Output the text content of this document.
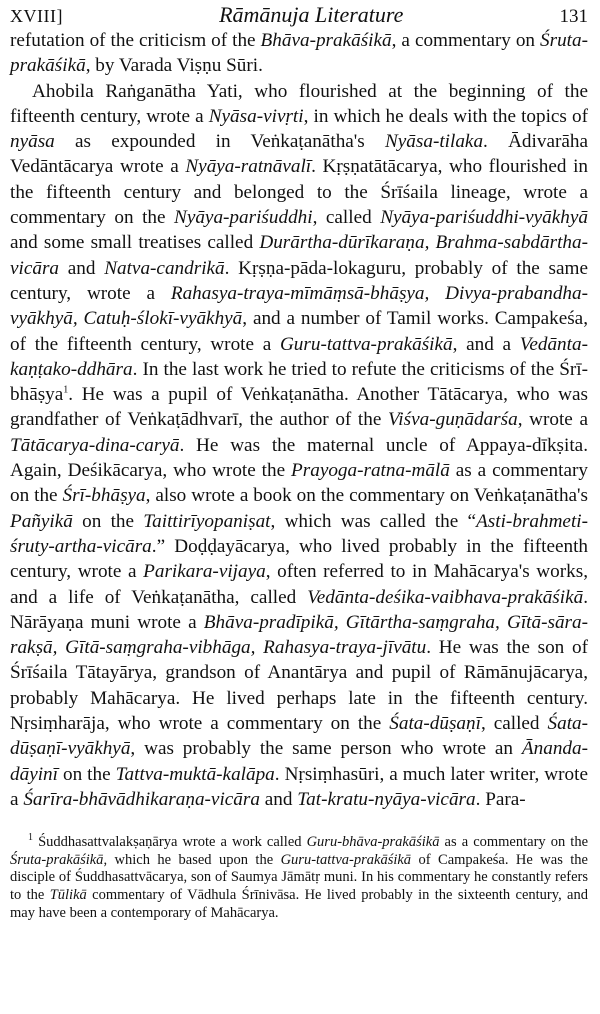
XVIII]	Rāmānuja Literature	131

refutation of the criticism of the Bhāva-prakāśikā, a commentary on Śruta-prakāśikā, by Varada Viṣṇu Sūri.

Ahobila Raṅganātha Yati, who flourished at the beginning of the fifteenth century, wrote a Nyāsa-vivṛti, in which he deals with the topics of nyāsa as expounded in Veṅkaṭanātha's Nyāsa-tilaka. Ādivarāha Vedāntācarya wrote a Nyāya-ratnāvalī. Kṛṣṇatātācarya, who flourished in the fifteenth century and belonged to the Śrīśaila lineage, wrote a commentary on the Nyāya-pariśuddhi, called Nyāya-pariśuddhi-vyākhyā and some small treatises called Durārtha-dūrīkaraṇa, Brahma-sabdārtha-vicāra and Natva-candrikā. Kṛṣṇa-pāda-lokaguru, probably of the same century, wrote a Rahasya-traya-mīmāṃsā-bhāṣya, Divya-prabandha-vyākhyā, Catuḥ-ślokī-vyākhyā, and a number of Tamil works. Campakeśa, of the fifteenth century, wrote a Guru-tattva-prakāśikā, and a Vedānta-kaṇṭako-ddhāra. In the last work he tried to refute the criticisms of the Śrī-bhāṣya$^1$. He was a pupil of Veṅkaṭanātha. Another Tātācarya, who was grandfather of Veṅkaṭādhvarī, the author of the Viśva-guṇādarśa, wrote a Tātācarya-dina-caryā. He was the maternal uncle of Appaya-dīkṣita. Again, Deśikācarya, who wrote the Prayoga-ratna-mālā as a commentary on the Śrī-bhāṣya, also wrote a book on the commentary on Veṅkaṭanātha's Pañyikā on the Taittirīyopaniṣat, which was called the “Asti-brahmeti-śruty-artha-vicāra.” Doḍḍayācarya, who lived probably in the fifteenth century, wrote a Parikara-vijaya, often referred to in Mahācarya's works, and a life of Veṅkaṭanātha, called Vedānta-deśika-vaibhava-prakāśikā. Nārāyaṇa muni wrote a Bhāva-pradīpikā, Gītārtha-saṃgraha, Gītā-sāra-rakṣā, Gītā-saṃgraha-vibhāga, Rahasya-traya-jīvātu. He was the son of Śrīśaila Tātayārya, grandson of Anantārya and pupil of Rāmānujācarya, probably Mahācarya. He lived perhaps late in the fifteenth century. Nṛsiṃharāja, who wrote a commentary on the Śata-dūṣaṇī, called Śata-dūṣaṇī-vyākhyā, was probably the same person who wrote an Ānanda-dāyinī on the Tattva-muktā-kalāpa. Nṛsiṃhasūri, a much later writer, wrote a Śarīra-bhāvādhikaraṇa-vicāra and Tat-kratu-nyāya-vicāra. Para-

$^1$ Śuddhasattvalakṣaṇārya wrote a work called Guru-bhāva-prakāśikā as a commentary on the Śruta-prakāśikā, which he based upon the Guru-tattva-prakāśikā of Campakeśa. He was the disciple of Śuddhasattvācarya, son of Saumya Jāmātṛ muni. In his commentary he constantly refers to the Tūlikā commentary of Vādhula Śrīnivāsa. He lived probably in the sixteenth century, and may have been a contemporary of Mahācarya.
